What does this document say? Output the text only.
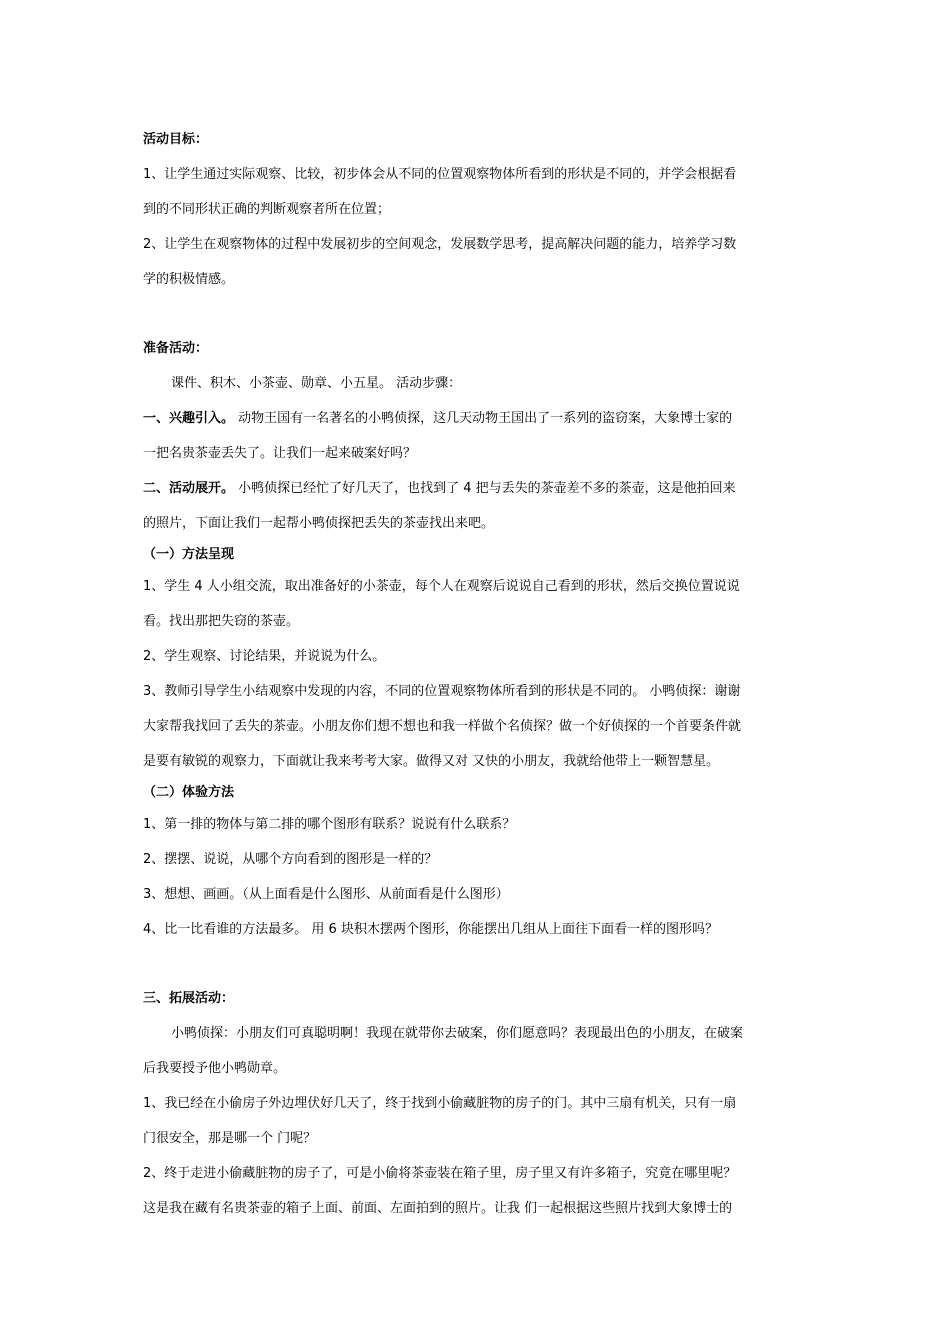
活动目标：
1、让学生通过实际观察、比较，初步体会从不同的位置观察物体所看到的形状是不同的，并学会根据看
到的不同形状正确的判断观察者所在位置；
2、让学生在观察物体的过程中发展初步的空间观念，发展数学思考，提高解决问题的能力，培养学习数
学的积极情感。
准备活动：
课件、积木、小茶壶、勋章、小五星。 活动步骤：
一、兴趣引入。 动物王国有一名著名的小鸭侦探，这几天动物王国出了一系列的盗窃案，大象博士家的
一把名贵茶壶丢失了。让我们一起来破案好吗？
二、活动展开。 小鸭侦探已经忙了好几天了，也找到了 4 把与丢失的茶壶差不多的茶壶，这是他拍回来
的照片，下面让我们一起帮小鸭侦探把丢失的茶壶找出来吧。
（一）方法呈现
1、学生 4 人小组交流，取出准备好的小茶壶，每个人在观察后说说自己看到的形状，然后交换位置说说
看。找出那把失窃的茶壶。
2、学生观察、讨论结果，并说说为什么。
3、教师引导学生小结观察中发现的内容，不同的位置观察物体所看到的形状是不同的。 小鸭侦探：谢谢
大家帮我找回了丢失的茶壶。小朋友你们想不想也和我一样做个名侦探？做一个好侦探的一个首要条件就
是要有敏锐的观察力，下面就让我来考考大家。做得又对 又快的小朋友，我就给他带上一颗智慧星。
（二）体验方法
1、第一排的物体与第二排的哪个图形有联系？说说有什么联系？
2、摆摆、说说，从哪个方向看到的图形是一样的？
3、想想、画画。（从上面看是什么图形、从前面看是什么图形）
4、比一比看谁的方法最多。 用 6 块积木摆两个图形，你能摆出几组从上面往下面看一样的图形吗？
三、拓展活动：
小鸭侦探：小朋友们可真聪明啊！我现在就带你去破案，你们愿意吗？表现最出色的小朋友，在破案
后我要授予他小鸭勋章。
1、我已经在小偷房子外边埋伏好几天了，终于找到小偷藏脏物的房子的门。其中三扇有机关，只有一扇
门很安全，那是哪一个 门呢？
2、终于走进小偷藏脏物的房子了，可是小偷将茶壶装在箱子里，房子里又有许多箱子，究竟在哪里呢？
这是我在藏有名贵茶壶的箱子上面、前面、左面拍到的照片。让我 们一起根据这些照片找到大象博士的
